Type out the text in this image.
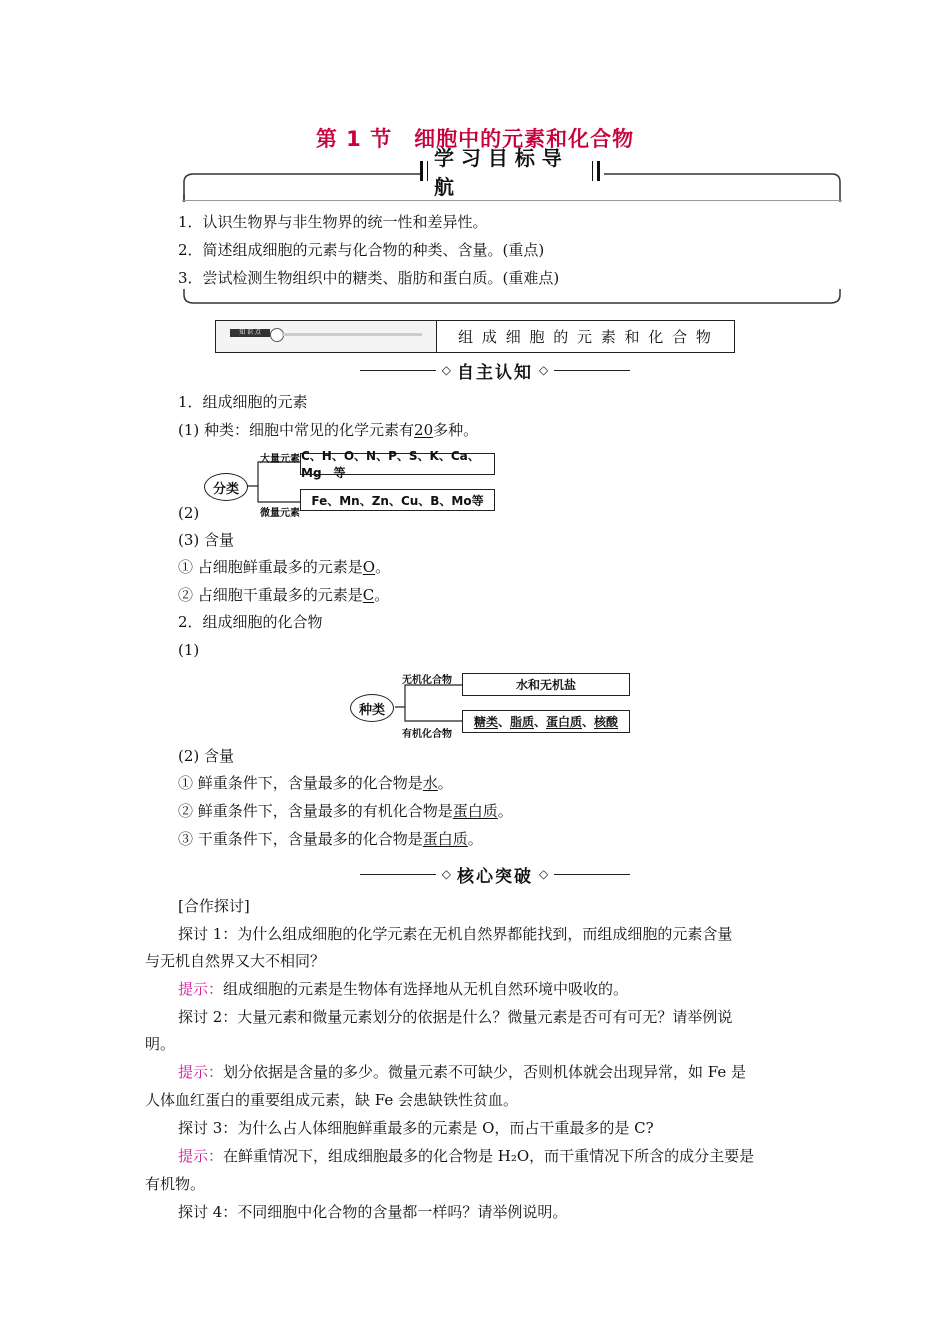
第 1 节　细胞中的元素和化合物
学 习 目 标 导 航
1．认识生物界与非生物界的统一性和差异性。
2．简述组成细胞的元素与化合物的种类、含量。(重点)
3．尝试检测生物组织中的糖类、脂肪和蛋白质。(重难点)
知 识 点	组 成 细 胞 的 元 素 和 化 合 物
◇ 自主认知 ◇
1．组成细胞的元素
(1) 种类：细胞中常见的化学元素有20多种。
分类
大量元素 C、H、O、N、P、S、K、Ca、Mg　等
微量元素
Fe、Mn、Zn、Cu、B、Mo等
(2)
(3) 含量
① 占细胞鲜重最多的元素是O。
② 占细胞干重最多的元素是C。
2．组成细胞的化合物
(1)
种类
无机化合物	水和无机盐
有机化合物
糖类 、 脂质 、 蛋白质 、 核酸
(2) 含量
① 鲜重条件下，含量最多的化合物是水。
② 鲜重条件下，含量最多的有机化合物是蛋白质。
③ 干重条件下，含量最多的化合物是蛋白质。
◇ 核心突破 ◇
[合作探讨]
探讨 1：为什么组成细胞的化学元素在无机自然界都能找到，而组成细胞的元素含量
与无机自然界又大不相同？
提示：组成细胞的元素是生物体有选择地从无机自然环境中吸收的。
探讨 2：大量元素和微量元素划分的依据是什么？微量元素是否可有可无？请举例说
明。
提示：划分依据是含量的多少。微量元素不可缺少，否则机体就会出现异常，如 Fe 是
人体血红蛋白的重要组成元素，缺 Fe 会患缺铁性贫血。
探讨 3：为什么占人体细胞鲜重最多的元素是 O，而占干重最多的是 C?
提示：在鲜重情况下，组成细胞最多的化合物是 H₂O，而干重情况下所含的成分主要是
有机物。
探讨 4：不同细胞中化合物的含量都一样吗？请举例说明。
